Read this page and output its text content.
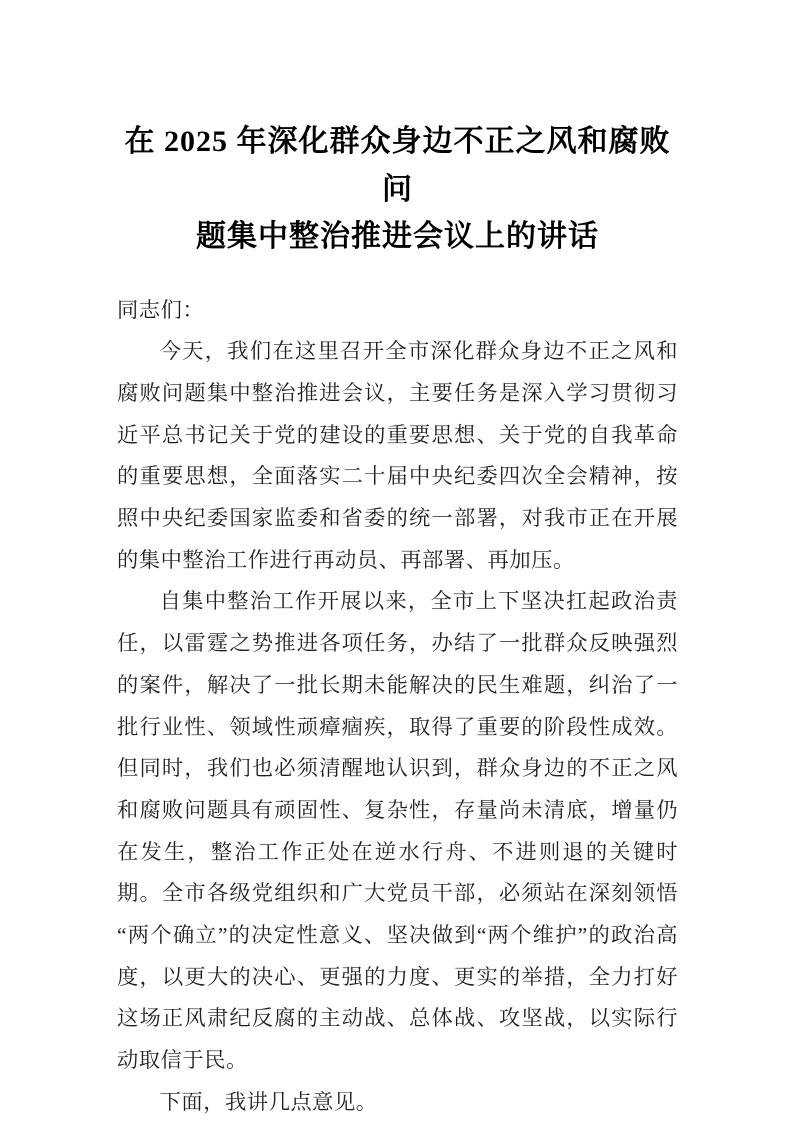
在 2025 年深化群众身边不正之风和腐败问
题集中整治推进会议上的讲话

同志们：

今天，我们在这里召开全市深化群众身边不正之风和腐败问题集中整治推进会议，主要任务是深入学习贯彻习近平总书记关于党的建设的重要思想、关于党的自我革命的重要思想，全面落实二十届中央纪委四次全会精神，按照中央纪委国家监委和省委的统一部署，对我市正在开展的集中整治工作进行再动员、再部署、再加压。

自集中整治工作开展以来，全市上下坚决扛起政治责任，以雷霆之势推进各项任务，办结了一批群众反映强烈的案件，解决了一批长期未能解决的民生难题，纠治了一批行业性、领域性顽瘴痼疾，取得了重要的阶段性成效。但同时，我们也必须清醒地认识到，群众身边的不正之风和腐败问题具有顽固性、复杂性，存量尚未清底，增量仍在发生，整治工作正处在逆水行舟、不进则退的关键时期。全市各级党组织和广大党员干部，必须站在深刻领悟“两个确立”的决定性意义、坚决做到“两个维护”的政治高度，以更大的决心、更强的力度、更实的举措，全力打好这场正风肃纪反腐的主动战、总体战、攻坚战，以实际行动取信于民。

下面，我讲几点意见。
